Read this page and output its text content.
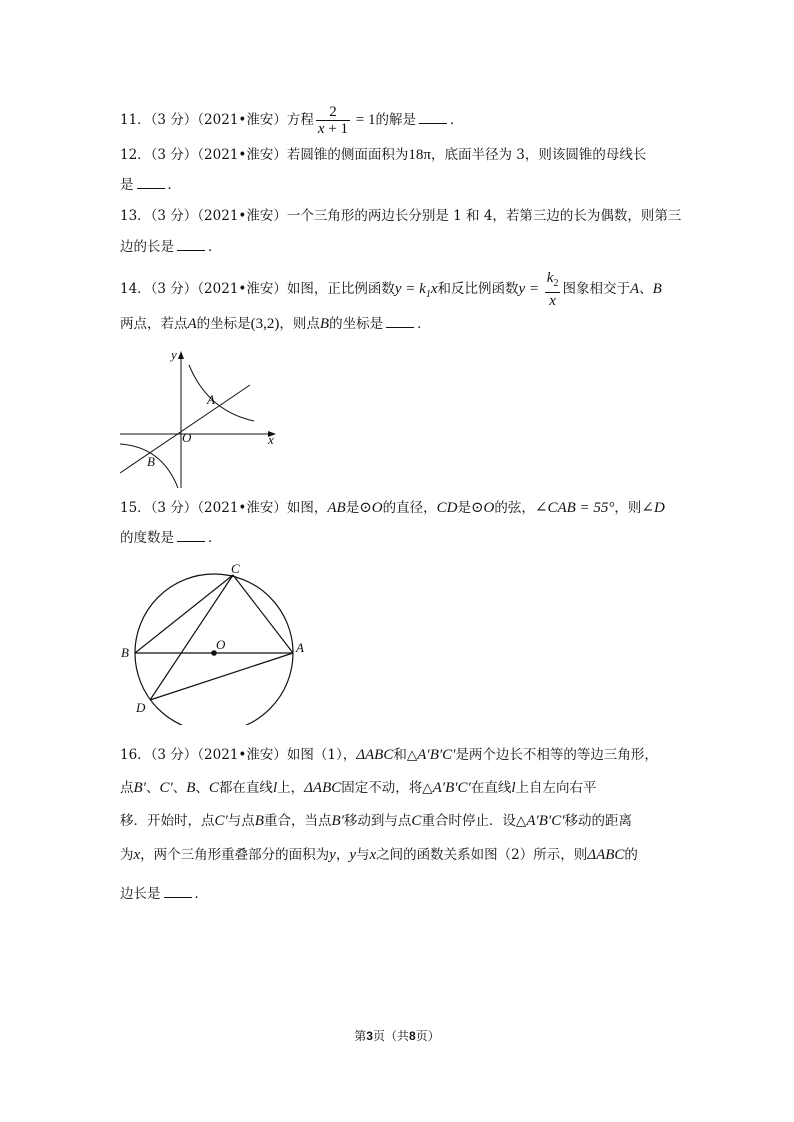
11．（3 分）（2021•淮安）方程 $\frac{2}{x + 1} = 1$的解是	．
12．（3 分）（2021•淮安）若圆锥的侧面面积为18π，底面半径为 3，则该圆锥的母线长
是	．
13．（3 分）（2021•淮安）一个三角形的两边长分别是 1 和 4，若第三边的长为偶数，则第三
边的长是	．
14．（3 分）（2021•淮安）如图，正比例函数$y = k_1x$和反比例函数$y = \frac{k_2}{x}$ 图象相交于A、B
两点，若点A的坐标是(3,2)，则点B的坐标是	．
y
x
O
A
B
15．（3 分）（2021•淮安）如图，AB是⊙O的直径，CD是⊙O的弦，∠CAB = 55°，则∠D
的度数是	．
C
O
B	A
D
16．（3 分）（2021•淮安）如图（1），ΔABC和△A′B′C′是两个边长不相等的等边三角形，
点B′、C′、B、C都在直线l上，ΔABC固定不动，将△A′B′C′在直线l上自左向右平
移．开始时，点C′与点B重合，当点B′移动到与点C重合时停止．设△A′B′C′移动的距离
为x，两个三角形重叠部分的面积为y，y与x之间的函数关系如图（2）所示，则ΔABC的
边长是	．
第3页（共8页）
